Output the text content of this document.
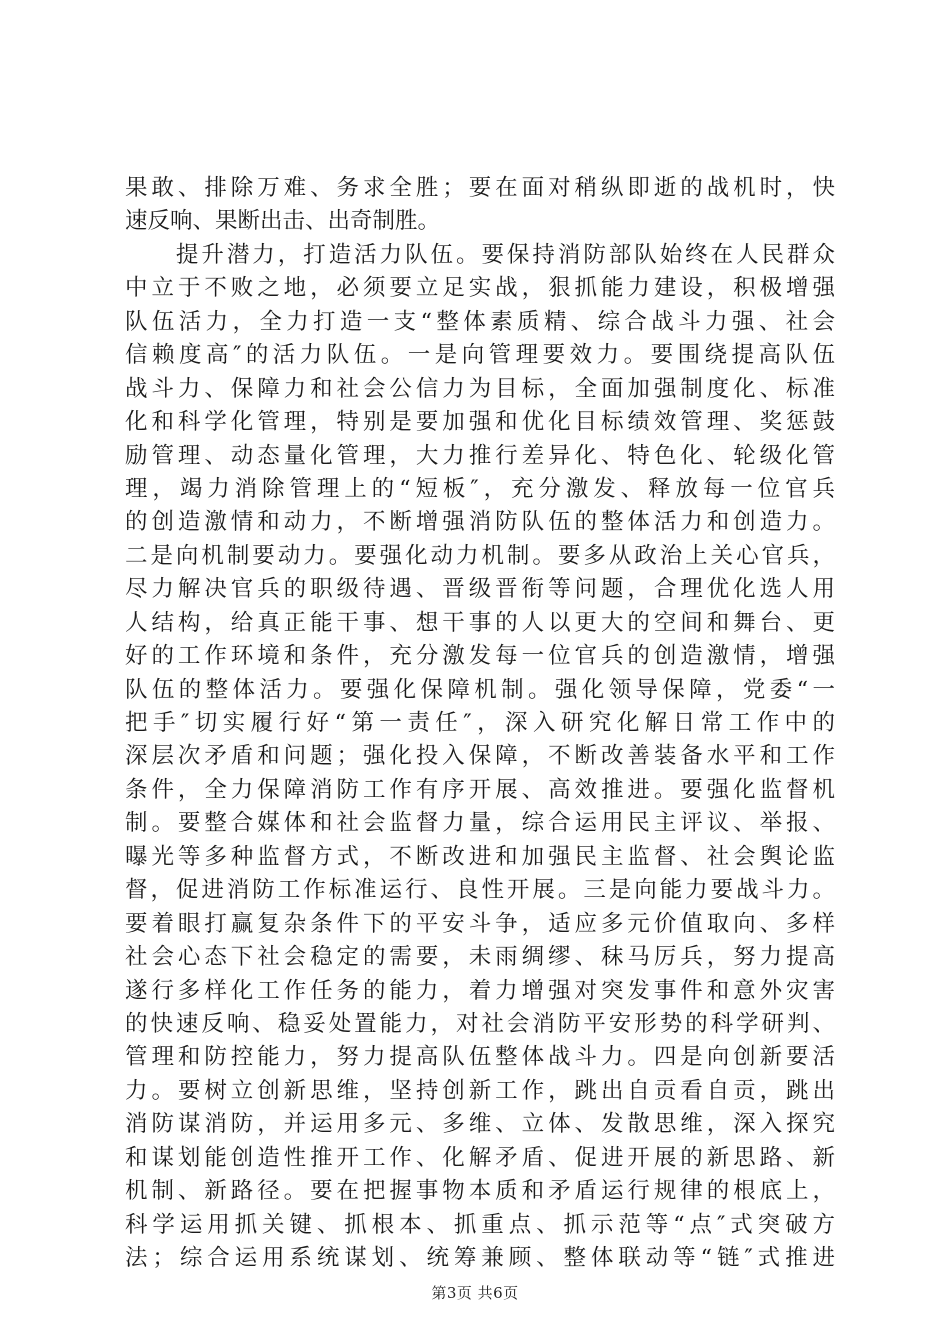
果敢、排除万难、务求全胜；要在面对稍纵即逝的战机时，快
速反响、果断出击、出奇制胜。
　　提升潜力，打造活力队伍。要保持消防部队始终在人民群众
中立于不败之地，必须要立足实战，狠抓能力建设，积极增强
队伍活力，全力打造一支“整体素质精、综合战斗力强、社会
信赖度高″的活力队伍。一是向管理要效力。要围绕提高队伍
战斗力、保障力和社会公信力为目标，全面加强制度化、标准
化和科学化管理，特别是要加强和优化目标绩效管理、奖惩鼓
励管理、动态量化管理，大力推行差异化、特色化、轮级化管
理，竭力消除管理上的“短板″，充分激发、释放每一位官兵
的创造激情和动力，不断增强消防队伍的整体活力和创造力。
二是向机制要动力。要强化动力机制。要多从政治上关心官兵，
尽力解决官兵的职级待遇、晋级晋衔等问题，合理优化选人用
人结构，给真正能干事、想干事的人以更大的空间和舞台、更
好的工作环境和条件，充分激发每一位官兵的创造激情，增强
队伍的整体活力。要强化保障机制。强化领导保障，党委“一
把手″切实履行好“第一责任″，深入研究化解日常工作中的
深层次矛盾和问题；强化投入保障，不断改善装备水平和工作
条件，全力保障消防工作有序开展、高效推进。要强化监督机
制。要整合媒体和社会监督力量，综合运用民主评议、举报、
曝光等多种监督方式，不断改进和加强民主监督、社会舆论监
督，促进消防工作标准运行、良性开展。三是向能力要战斗力。
要着眼打赢复杂条件下的平安斗争，适应多元价值取向、多样
社会心态下社会稳定的需要，未雨绸缪、秣马厉兵，努力提高
遂行多样化工作任务的能力，着力增强对突发事件和意外灾害
的快速反响、稳妥处置能力，对社会消防平安形势的科学研判、
管理和防控能力，努力提高队伍整体战斗力。四是向创新要活
力。要树立创新思维，坚持创新工作，跳出自贡看自贡，跳出
消防谋消防，并运用多元、多维、立体、发散思维，深入探究
和谋划能创造性推开工作、化解矛盾、促进开展的新思路、新
机制、新路径。要在把握事物本质和矛盾运行规律的根底上，
科学运用抓关键、抓根本、抓重点、抓示范等“点″式突破方
法；综合运用系统谋划、统筹兼顾、整体联动等“链″式推进
第3页 共6页
